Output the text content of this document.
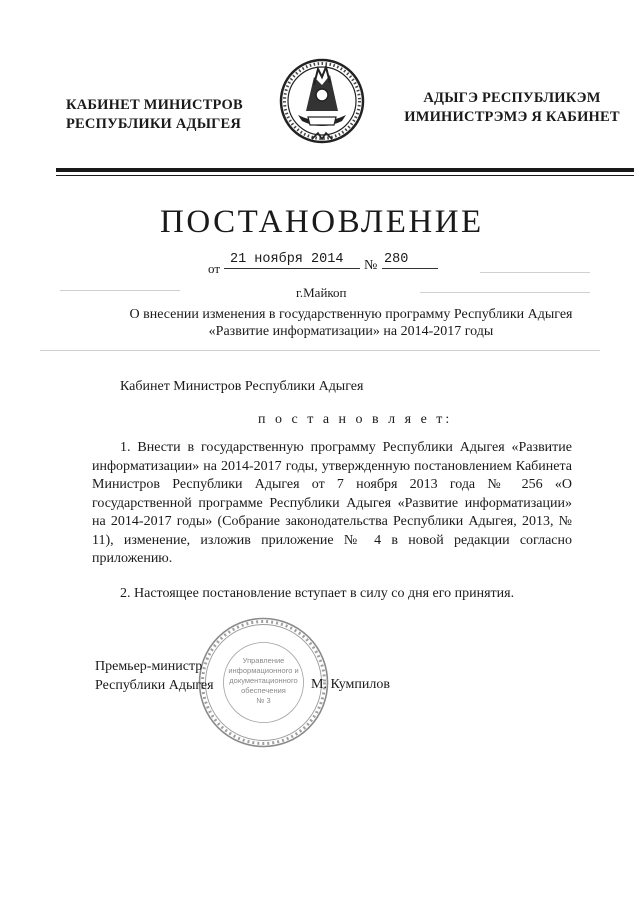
КАБИНЕТ МИНИСТРОВ
РЕСПУБЛИКИ АДЫГЕЯ
АДЫГЭ РЕСПУБЛИКЭМ
ИМИНИСТРЭМЭ Я КАБИНЕТ
ПОСТАНОВЛЕНИЕ
от
21 ноября 2014 № 280
г.Майкоп
О внесении изменения в государственную программу Республики Адыгея «Развитие информатизации» на 2014-2017 годы
Кабинет Министров Республики Адыгея
п о с т а н о в л я е т:
1. Внести в государственную программу Республики Адыгея «Развитие информатизации» на 2014-2017 годы, утвержденную постановлением Кабинета Министров Республики Адыгея от 7 ноября 2013 года № 256 «О государственной программе Республики Адыгея «Развитие информатизации» на 2014-2017 годы» (Собрание законодательства Республики Адыгея, 2013, № 11), изменение, изложив приложение № 4 в новой редакции согласно приложению.
2. Настоящее постановление вступает в силу со дня его принятия.
Управление
информационного и
документационного
обеспечения
№ 3
Премьер-министр
Республики Адыгея	М. Кумпилов
